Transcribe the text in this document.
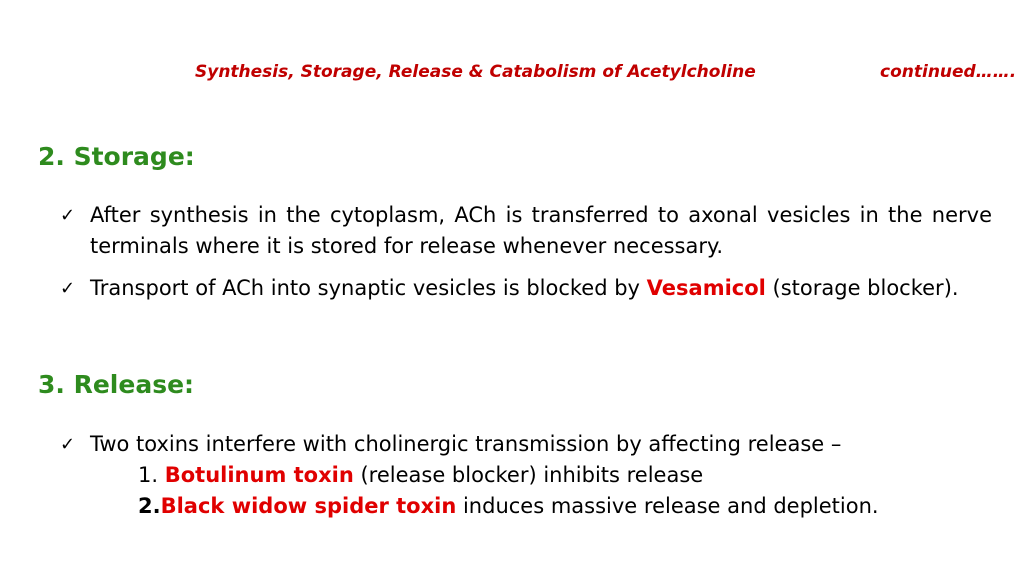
Synthesis, Storage, Release & Catabolism of Acetylcholine	continued…….
2. Storage:
✓ After synthesis in the cytoplasm, ACh is transferred to axonal vesicles in the nerve terminals where it is stored for release whenever necessary.
✓ Transport of ACh into synaptic vesicles is blocked by Vesamicol (storage blocker).
3. Release:
✓ Two toxins interfere with cholinergic transmission by affecting release –
1. Botulinum toxin (release blocker) inhibits release
2.Black widow spider toxin induces massive release and depletion.
